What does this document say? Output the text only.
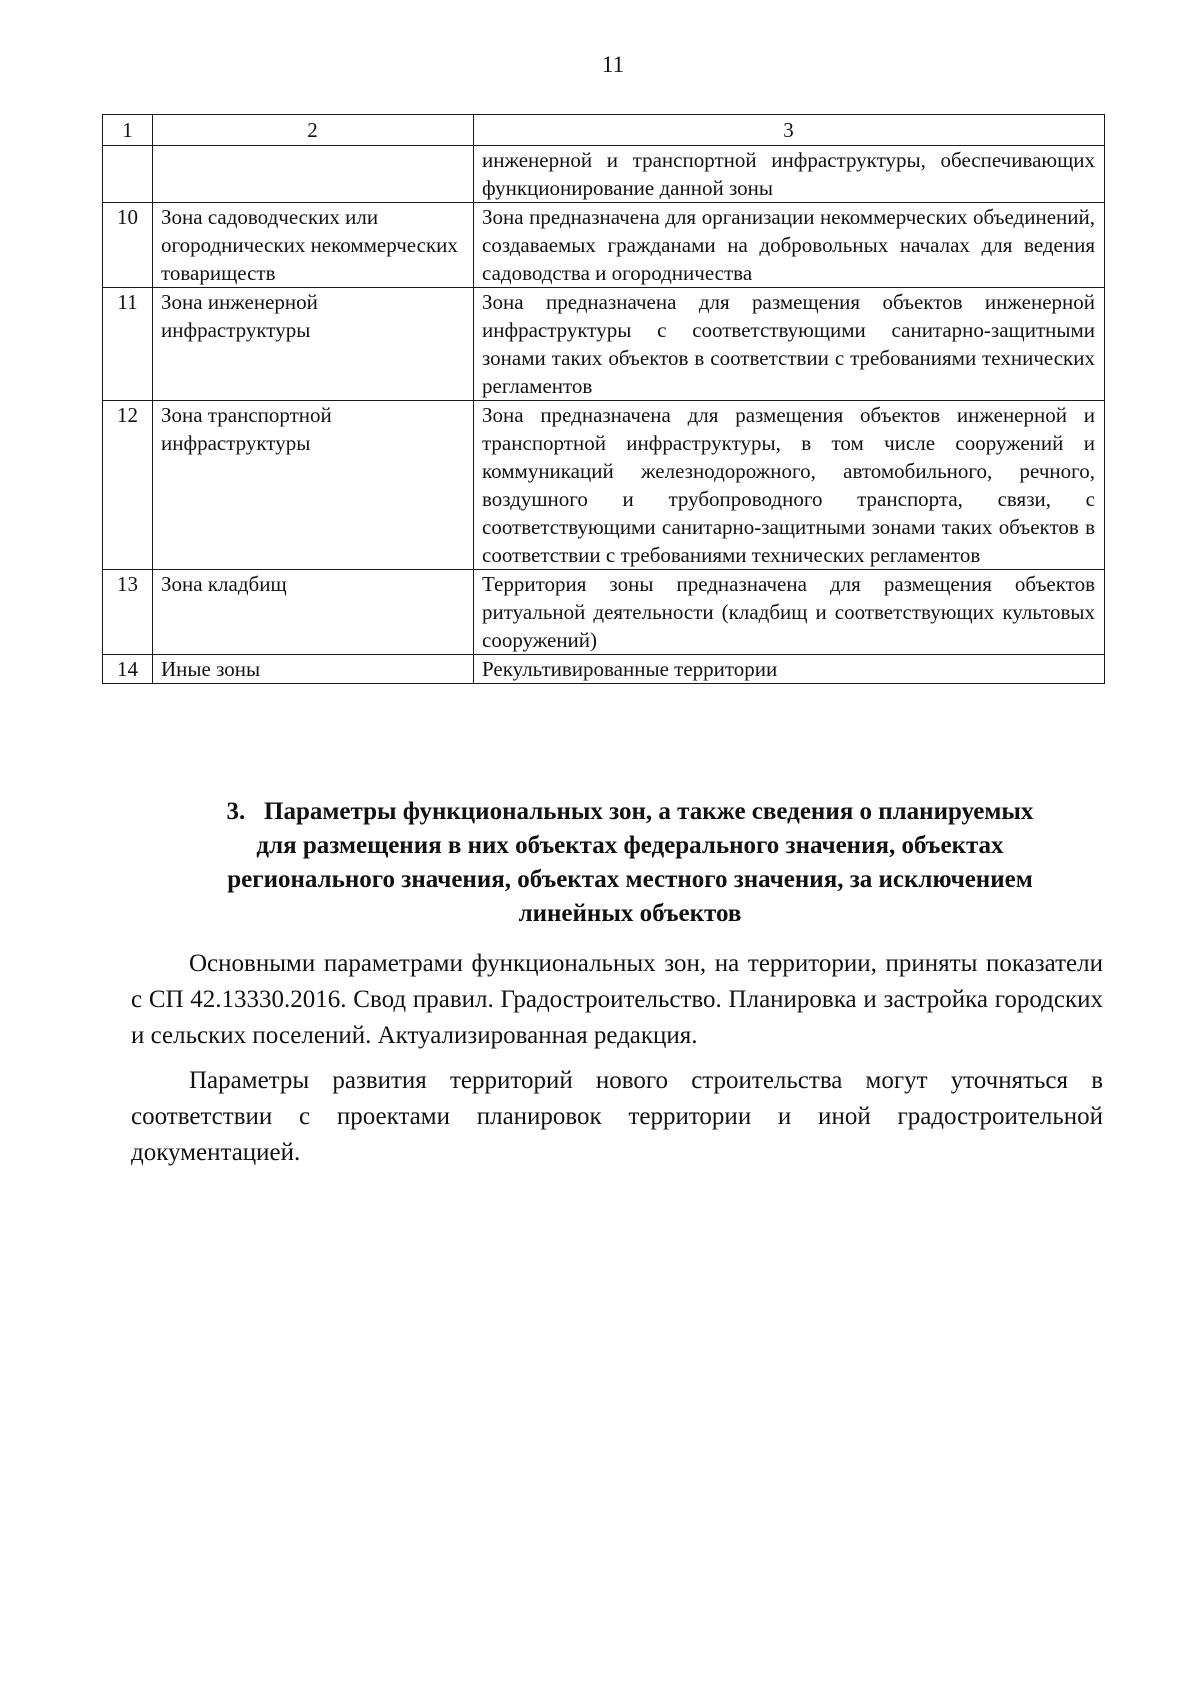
11
1	2	3
		инженерной и транспортной инфраструктуры, обеспечивающих функционирование данной зоны
10	Зона садоводческих или огороднических некоммерческих товариществ	Зона предназначена для организации некоммерческих объединений, создаваемых гражданами на добровольных началах для ведения садоводства и огородничества
11	Зона инженерной инфраструктуры	Зона предназначена для размещения объектов инженерной инфраструктуры с соответствующими санитарно-защитными зонами таких объектов в соответствии с требованиями технических регламентов
12	Зона транспортной инфраструктуры	Зона предназначена для размещения объектов инженерной и транспортной инфраструктуры, в том числе сооружений и коммуникаций железнодорожного, автомобильного, речного, воздушного и трубопроводного транспорта, связи, с соответствующими санитарно-защитными зонами таких объектов в соответствии с требованиями технических регламентов
13	Зона кладбищ	Территория зоны предназначена для размещения объектов ритуальной деятельности (кладбищ и соответствующих культовых сооружений)
14	Иные зоны	Рекультивированные территории
3.   Параметры функциональных зон, а также сведения о планируемых
для размещения в них объектах федерального значения, объектах
регионального значения, объектах местного значения, за исключением
линейных объектов

Основными параметрами функциональных зон, на территории, приняты показатели с СП 42.13330.2016. Свод правил. Градостроительство. Планировка и застройка городских и сельских поселений. Актуализированная редакция.

Параметры развития территорий нового строительства могут уточняться в соответствии с проектами планировок территории и иной градостроительной документацией.
